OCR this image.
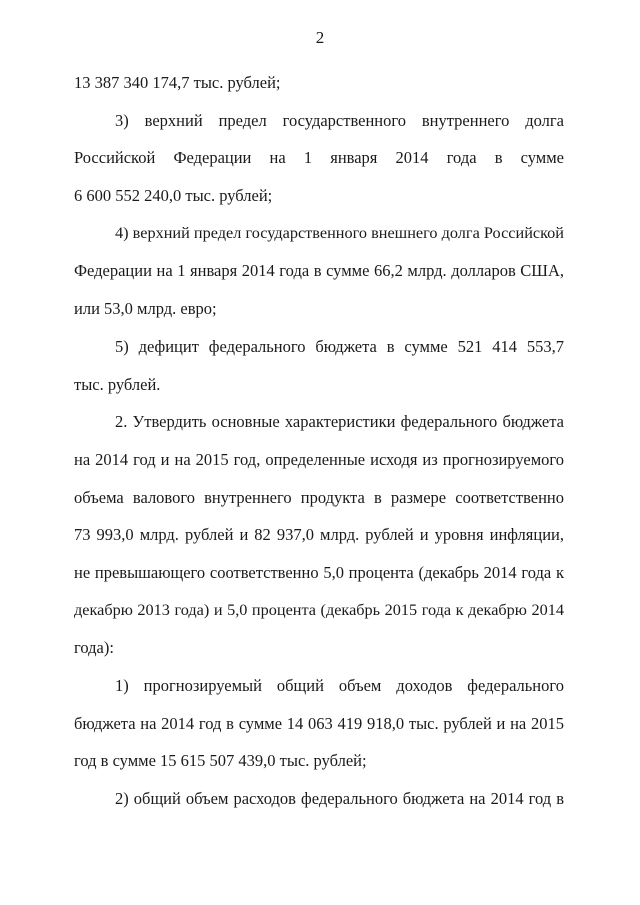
2
13 387 340 174,7 тыс. рублей;
3) верхний предел государственного внутреннего долга
Российской Федерации на 1 января 2014 года в сумме
6 600 552 240,0 тыс. рублей;
4) верхний предел государственного внешнего долга Российской
Федерации на 1 января 2014 года в сумме 66,2 млрд. долларов США,
или 53,0 млрд. евро;
5) дефицит федерального бюджета в сумме 521 414 553,7
тыс. рублей.
2. Утвердить основные характеристики федерального бюджета
на 2014 год и на 2015 год, определенные исходя из прогнозируемого
объема валового внутреннего продукта в размере соответственно
73 993,0 млрд. рублей и 82 937,0 млрд. рублей и уровня инфляции,
не превышающего соответственно 5,0 процента (декабрь 2014 года к
декабрю 2013 года) и 5,0 процента (декабрь 2015 года к декабрю 2014
года):
1) прогнозируемый общий объем доходов федерального
бюджета на 2014 год в сумме 14 063 419 918,0 тыс. рублей и на 2015
год в сумме 15 615 507 439,0 тыс. рублей;
2) общий объем расходов федерального бюджета на 2014 год в
